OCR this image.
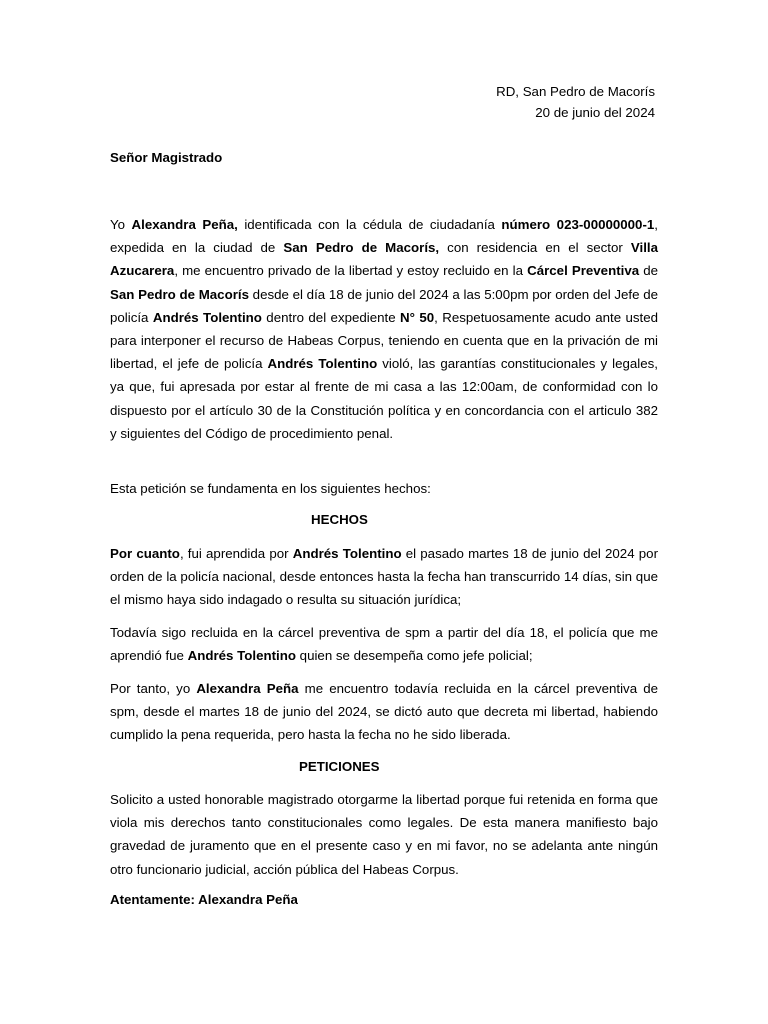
RD, San Pedro de Macorís
20 de junio del 2024
Señor Magistrado
Yo Alexandra Peña, identificada con la cédula de ciudadanía número 023-00000000-1, expedida en la ciudad de San Pedro de Macorís, con residencia en el sector Villa Azucarera, me encuentro privado de la libertad y estoy recluido en la Cárcel Preventiva de San Pedro de Macorís desde el día 18 de junio del 2024 a las 5:00pm por orden del Jefe de policía Andrés Tolentino dentro del expediente N° 50, Respetuosamente acudo ante usted para interponer el recurso de Habeas Corpus, teniendo en cuenta que en la privación de mi libertad, el jefe de policía Andrés Tolentino violó, las garantías constitucionales y legales, ya que, fui apresada por estar al frente de mi casa a las 12:00am, de conformidad con lo dispuesto por el artículo 30 de la Constitución política y en concordancia con el articulo 382 y siguientes del Código de procedimiento penal.
Esta petición se fundamenta en los siguientes hechos:
HECHOS
Por cuanto, fui aprendida por Andrés Tolentino el pasado martes 18 de junio del 2024 por orden de la policía nacional, desde entonces hasta la fecha han transcurrido 14 días, sin que el mismo haya sido indagado o resulta su situación jurídica;
Todavía sigo recluida en la cárcel preventiva de spm a partir del día 18, el policía que me aprendió fue Andrés Tolentino quien se desempeña como jefe policial;
Por tanto, yo Alexandra Peña me encuentro todavía recluida en la cárcel preventiva de spm, desde el martes 18 de junio del 2024, se dictó auto que decreta mi libertad, habiendo cumplido la pena requerida, pero hasta la fecha no he sido liberada.
PETICIONES
Solicito a usted honorable magistrado otorgarme la libertad porque fui retenida en forma que viola mis derechos tanto constitucionales como legales. De esta manera manifiesto bajo gravedad de juramento que en el presente caso y en mi favor, no se adelanta ante ningún otro funcionario judicial, acción pública del Habeas Corpus.
Atentamente: Alexandra Peña
